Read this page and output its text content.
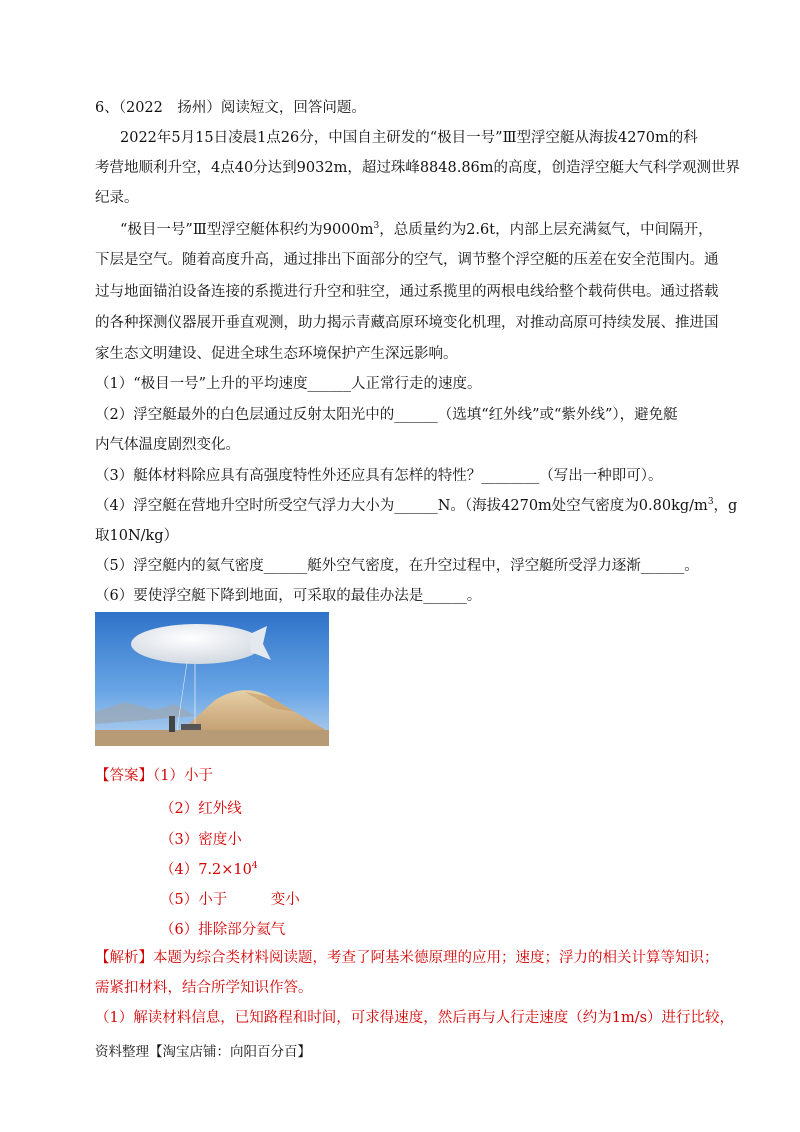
6、（2022　扬州）阅读短文，回答问题。
2022年5月15日凌晨1点26分，中国自主研发的“极目一号”Ⅲ型浮空艇从海拔4270m的科
考营地顺利升空，4点40分达到9032m，超过珠峰8848.86m的高度，创造浮空艇大气科学观测世界
纪录。
“极目一号”Ⅲ型浮空艇体积约为$9000m^3$，总质量约为2.6t，内部上层充满氦气，中间隔开，
下层是空气。随着高度升高，通过排出下面部分的空气，调节整个浮空艇的压差在安全范围内。通
过与地面锚泊设备连接的系揽进行升空和驻空，通过系揽里的两根电线给整个载荷供电。通过搭载
的各种探测仪器展开垂直观测，助力揭示青藏高原环境变化机理，对推动高原可持续发展、推进国
家生态文明建设、促进全球生态环境保护产生深远影响。
（1）“极目一号”上升的平均速度______人正常行走的速度。
（2）浮空艇最外的白色层通过反射太阳光中的______（选填“红外线”或“紫外线”），避免艇
内气体温度剧烈变化。
（3）艇体材料除应具有高强度特性外还应具有怎样的特性？________（写出一种即可）。
（4）浮空艇在营地升空时所受空气浮力大小为______N。（海拔4270m处空气密度为$0.80kg/m^3$，g
取10N/kg）
（5）浮空艇内的氦气密度______艇外空气密度，在升空过程中，浮空艇所受浮力逐渐______。
（6）要使浮空艇下降到地面，可采取的最佳办法是______。
【答案】（1）小于
（2）红外线
（3）密度小
$(4)7.2\times 10^4$
（5）小于　　　变小
（6）排除部分氦气
【解析】本题为综合类材料阅读题，考查了阿基米德原理的应用；速度；浮力的相关计算等知识；
需紧扣材料，结合所学知识作答。
（1）解读材料信息，已知路程和时间，可求得速度，然后再与人行走速度（约为1m/s）进行比较，
资料整理【淘宝店铺：向阳百分百】
